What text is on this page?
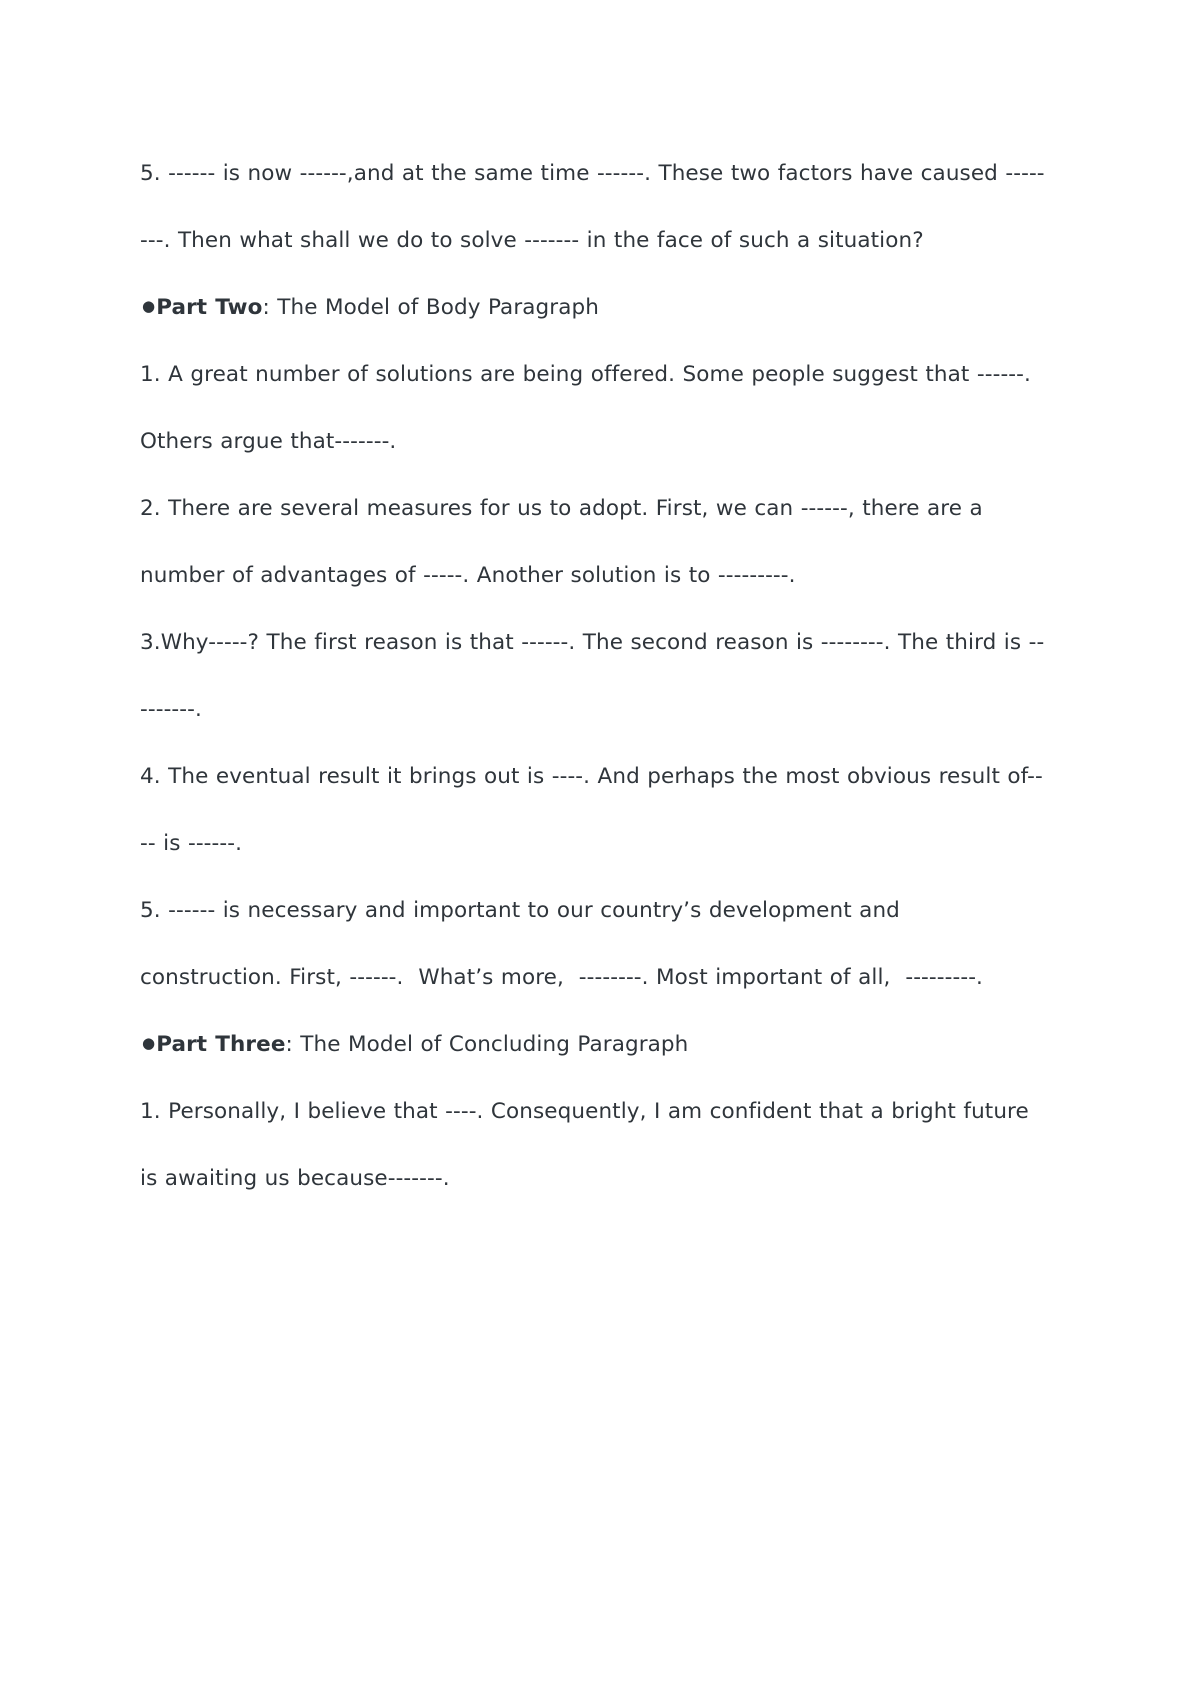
5. ------ is now ------,and at the same time ------. These two factors have caused --------. Then what shall we do to solve ------- in the face of such a situation?

●Part Two: The Model of Body Paragraph

1. A great number of solutions are being offered. Some people suggest that ------. Others argue that-------.

2. There are several measures for us to adopt. First, we can ------, there are a number of advantages of -----. Another solution is to ---------.

3.Why-----? The first reason is that ------. The second reason is --------. The third is ---------.

4. The eventual result it brings out is ----. And perhaps the most obvious result of---- is ------.

5. ------ is necessary and important to our country’s development and construction. First, ------.  What’s more,  --------. Most important of all,  ---------.

●Part Three: The Model of Concluding Paragraph

1. Personally, I believe that ----. Consequently, I am confident that a bright future is awaiting us because-------.
